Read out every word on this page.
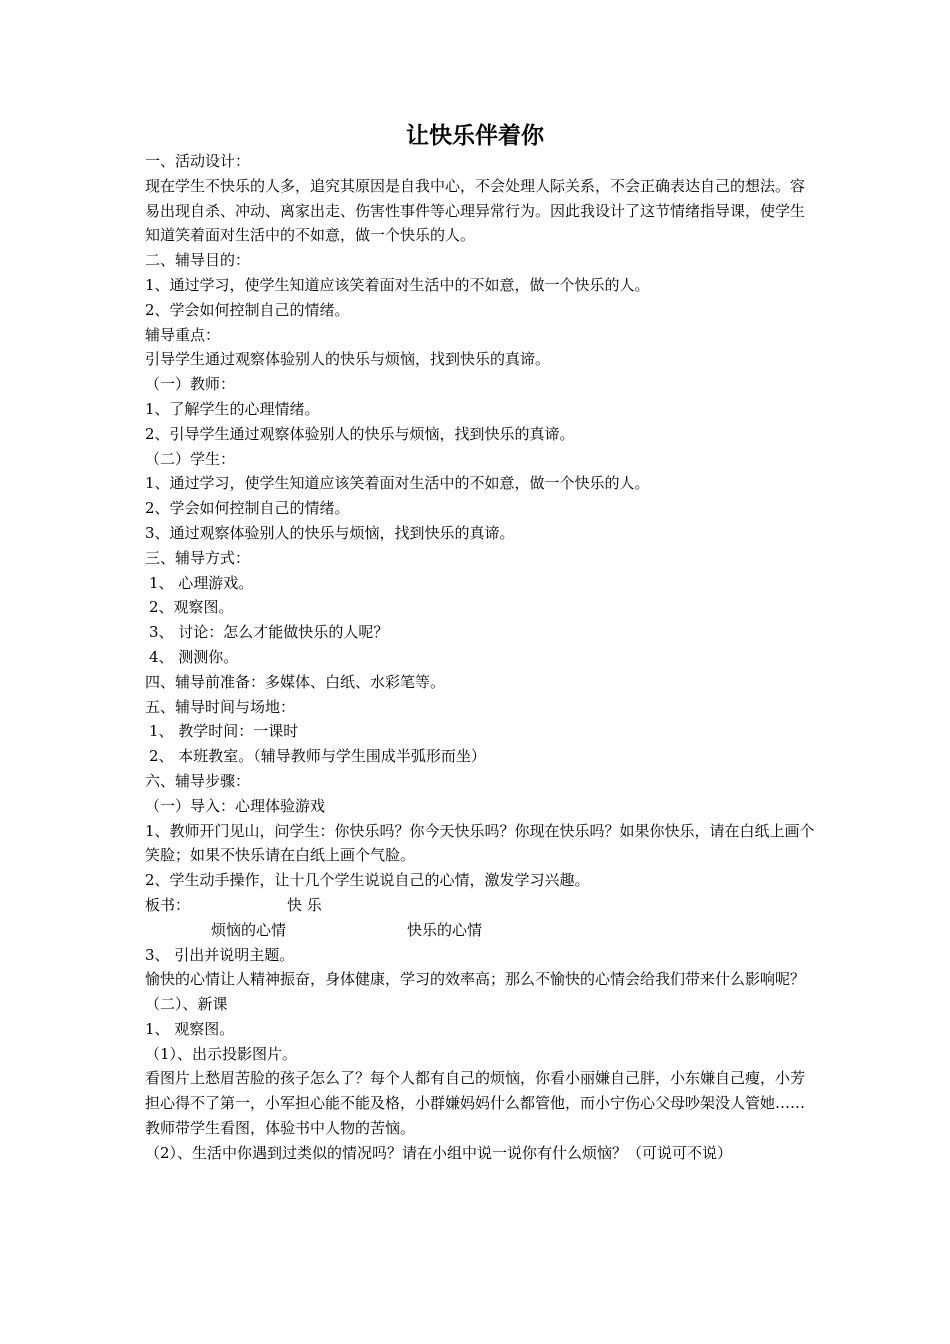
让快乐伴着你
一、活动设计：
现在学生不快乐的人多，追究其原因是自我中心，不会处理人际关系，不会正确表达自己的想法。容易出现自杀、冲动、离家出走、伤害性事件等心理异常行为。因此我设计了这节情绪指导课，使学生知道笑着面对生活中的不如意，做一个快乐的人。
二、辅导目的：
1、通过学习，使学生知道应该笑着面对生活中的不如意，做一个快乐的人。
2、学会如何控制自己的情绪。
辅导重点：
引导学生通过观察体验别人的快乐与烦恼，找到快乐的真谛。
（一）教师：
1、了解学生的心理情绪。
2、引导学生通过观察体验别人的快乐与烦恼，找到快乐的真谛。
（二）学生：
1、通过学习，使学生知道应该笑着面对生活中的不如意，做一个快乐的人。
2、学会如何控制自己的情绪。
3、通过观察体验别人的快乐与烦恼，找到快乐的真谛。
三、辅导方式：
1、 心理游戏。
2、观察图。
3、 讨论：怎么才能做快乐的人呢？
4、 测测你。
四、辅导前准备：多媒体、白纸、水彩笔等。
五、辅导时间与场地：
1、 教学时间：一课时
2、 本班教室。（辅导教师与学生围成半弧形而坐）
六、辅导步骤：
（一）导入：心理体验游戏
1、教师开门见山，问学生：你快乐吗？你今天快乐吗？你现在快乐吗？如果你快乐，请在白纸上画个笑脸；如果不快乐请在白纸上画个气脸。
2、学生动手操作，让十几个学生说说自己的心情，激发学习兴趣。
板书：	快 乐
烦恼的心情	快乐的心情
3、 引出并说明主题。
愉快的心情让人精神振奋，身体健康，学习的效率高；那么不愉快的心情会给我们带来什么影响呢？
（二）、新课
1、 观察图。
（1）、出示投影图片。
看图片上愁眉苦脸的孩子怎么了？每个人都有自己的烦恼，你看小丽嫌自己胖，小东嫌自己瘦，小芳担心得不了第一，小军担心能不能及格，小群嫌妈妈什么都管他，而小宁伤心父母吵架没人管她……
教师带学生看图，体验书中人物的苦恼。
（2）、生活中你遇到过类似的情况吗？请在小组中说一说你有什么烦恼？（可说可不说）
